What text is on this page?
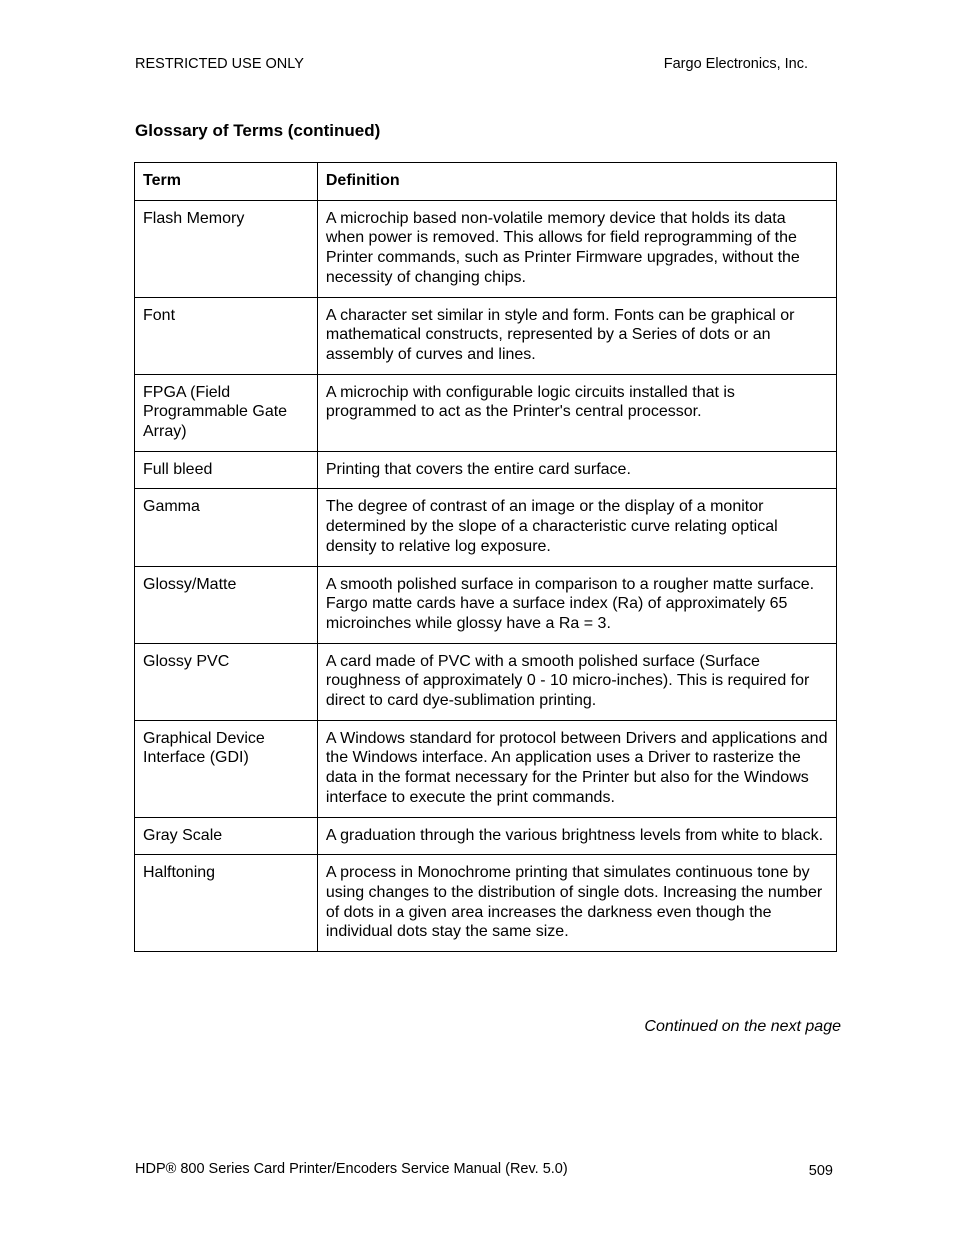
RESTRICTED USE ONLY	Fargo Electronics, Inc.
Glossary of Terms (continued)
Term	Definition
Flash Memory	A microchip based non-volatile memory device that holds its data when power is removed. This allows for field reprogramming of the Printer commands, such as Printer Firmware upgrades, without the necessity of changing chips.
Font	A character set similar in style and form. Fonts can be graphical or mathematical constructs, represented by a Series of dots or an assembly of curves and lines.
FPGA (Field Programmable Gate Array)	A microchip with configurable logic circuits installed that is programmed to act as the Printer's central processor.
Full bleed	Printing that covers the entire card surface.
Gamma	The degree of contrast of an image or the display of a monitor determined by the slope of a characteristic curve relating optical density to relative log exposure.
Glossy/Matte	A smooth polished surface in comparison to a rougher matte surface. Fargo matte cards have a surface index (Ra) of approximately 65 microinches while glossy have a Ra = 3.
Glossy PVC	A card made of PVC with a smooth polished surface (Surface roughness of approximately 0 - 10 micro-inches). This is required for direct to card dye-sublimation printing.
Graphical Device Interface (GDI)	A Windows standard for protocol between Drivers and applications and the Windows interface. An application uses a Driver to rasterize the data in the format necessary for the Printer but also for the Windows interface to execute the print commands.
Gray Scale	A graduation through the various brightness levels from white to black.
Halftoning	A process in Monochrome printing that simulates continuous tone by using changes to the distribution of single dots. Increasing the number of dots in a given area increases the darkness even though the individual dots stay the same size.
Continued on the next page
HDP® 800 Series Card Printer/Encoders Service Manual (Rev. 5.0)	509
